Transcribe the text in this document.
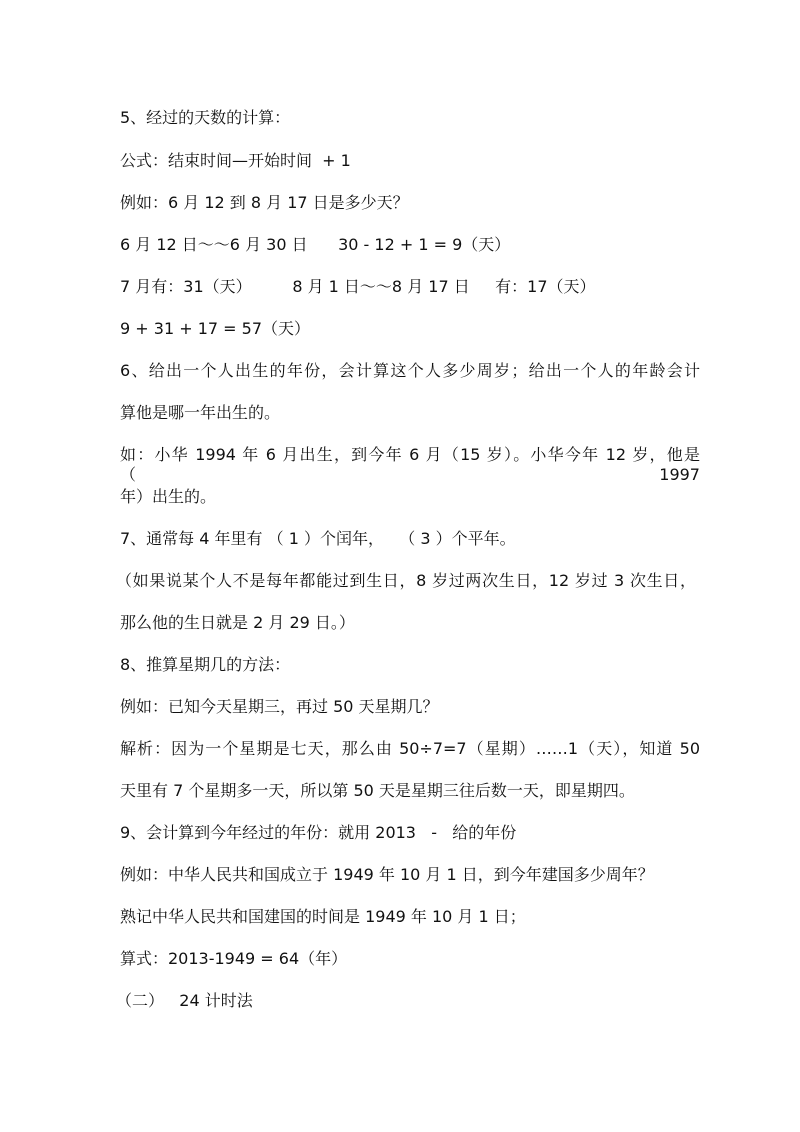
5、经过的天数的计算：
公式：结束时间—开始时间  + 1
例如：6 月 12 到 8 月 17 日是多少天？
6 月 12 日～～6 月 30 日      30 - 12 + 1 = 9（天）
7 月有：31（天）        8 月 1 日～～8 月 17 日     有：17（天）
9 + 31 + 17 = 57（天）
6、给出一个人出生的年份，会计算这个人多少周岁；给出一个人的年龄会计
算他是哪一年出生的。
如：小华 1994 年 6 月出生，到今年 6 月（15 岁）。小华今年 12 岁，他是（1997
年）出生的。
7、通常每 4 年里有 （ 1 ）个闰年，   （ 3 ）个平年。
（如果说某个人不是每年都能过到生日，8 岁过两次生日，12 岁过 3 次生日，
那么他的生日就是 2 月 29 日。）
8、推算星期几的方法：
例如：已知今天星期三，再过 50 天星期几？
解析：因为一个星期是七天，那么由 50÷7=7（星期）……1（天），知道 50
天里有 7 个星期多一天，所以第 50 天是星期三往后数一天，即星期四。
9、会计算到今年经过的年份：就用 2013   -   给的年份
例如：中华人民共和国成立于 1949 年 10 月 1 日，到今年建国多少周年？
熟记中华人民共和国建国的时间是 1949 年 10 月 1 日；
算式：2013-1949 = 64（年）
（二）   24 计时法
